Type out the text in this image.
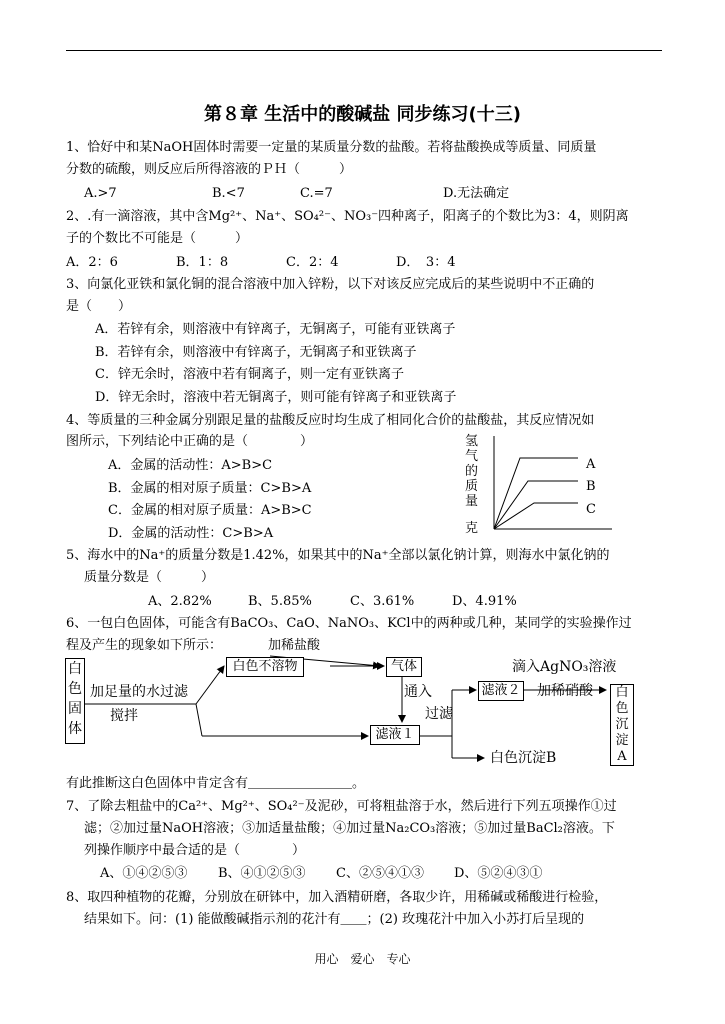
第８章 生活中的酸碱盐 同步练习(十三)
1、恰好中和某NaOH固体时需要一定量的某质量分数的盐酸。若将盐酸换成等质量、同质量
分数的硫酸，则反应后所得溶液的ＰＨ（　　　）
A.>7	B.<7	C.=7	D.无法确定
2、.有一滴溶液，其中含Mg²⁺、Na⁺、SO₄²⁻、NO₃⁻四种离子，阳离子的个数比为3：4，则阴离
子的个数比不可能是（　　　）
A．2：6	B．1：8	C．2：4	D．　3：4
3、向氯化亚铁和氯化铜的混合溶液中加入锌粉，以下对该反应完成后的某些说明中不正确的
是（　　）
A．若锌有余，则溶液中有锌离子，无铜离子，可能有亚铁离子
B．若锌有余，则溶液中有锌离子，无铜离子和亚铁离子
C．锌无余时，溶液中若有铜离子，则一定有亚铁离子
D．锌无余时，溶液中若无铜离子，则可能有锌离子和亚铁离子
4、等质量的三种金属分别跟足量的盐酸反应时均生成了相同化合价的盐酸盐，其反应情况如
图所示，下列结论中正确的是（　　　　）
A．金属的活动性：A>B>C
B．金属的相对原子质量：C>B>A
C．金属的相对原子质量：A>B>C
D．金属的活动性：C>B>A
氢
气
的
质
量
克
A
B
C
5、海水中的Na⁺的质量分数是1.42%，如果其中的Na⁺全部以氯化钠计算，则海水中氯化钠的
质量分数是（　　　）
A、2.82%	B、5.85%	C、3.61%	D、4.91%
6、一包白色固体，可能含有BaCO₃、CaO、NaNO₃、KCl中的两种或几种，某同学的实验操作过
程及产生的现象如下所示：	加稀盐酸
白
色
固
体
加足量的水过滤
搅拌
白色不溶物	气体
通入
过滤
滤液１
滤液２
滴入AgNO₃溶液
加稀硝酸
白色沉淀B
白
色
沉
淀
A
有此推断这白色固体中肯定含有＿＿＿＿＿＿＿＿。
7、了除去粗盐中的Ca²⁺、Mg²⁺、SO₄²⁻及泥砂，可将粗盐溶于水，然后进行下列五项操作①过
滤；②加过量NaOH溶液；③加适量盐酸；④加过量Na₂CO₃溶液；⑤加过量BaCl₂溶液。下
列操作顺序中最合适的是（　　　　）
A、①④②⑤③ B、④①②⑤③ C、②⑤④①③ D、⑤②④③①
8、取四种植物的花瓣，分别放在研钵中，加入酒精研磨，各取少许，用稀碱或稀酸进行检验，
结果如下。问：(1) 能做酸碱指示剂的花汁有＿＿；(2) 玫瑰花汁中加入小苏打后呈现的
用心　爱心　专心
